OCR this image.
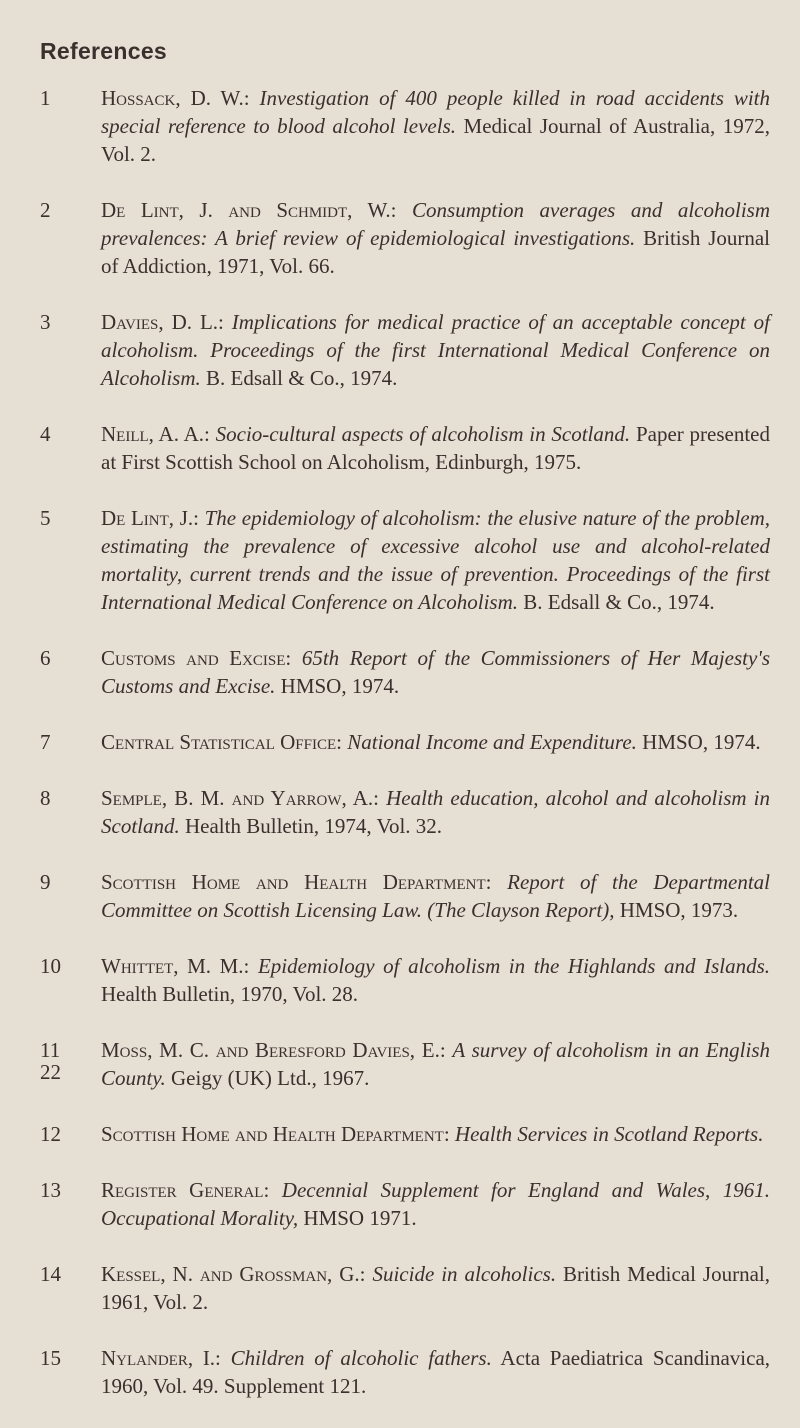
References
1	Hossack, D. W.: Investigation of 400 people killed in road accidents with special reference to blood alcohol levels. Medical Journal of Australia, 1972, Vol. 2.
2	De Lint, J. and Schmidt, W.: Consumption averages and alcoholism prevalences: A brief review of epidemiological investigations. British Journal of Addiction, 1971, Vol. 66.
3	Davies, D. L.: Implications for medical practice of an acceptable concept of alcoholism. Proceedings of the first International Medical Conference on Alcoholism. B. Edsall & Co., 1974.
4	Neill, A. A.: Socio-cultural aspects of alcoholism in Scotland. Paper presented at First Scottish School on Alcoholism, Edinburgh, 1975.
5	De Lint, J.: The epidemiology of alcoholism: the elusive nature of the problem, estimating the prevalence of excessive alcohol use and alcohol-related mortality, current trends and the issue of prevention. Proceedings of the first International Medical Conference on Alcoholism. B. Edsall & Co., 1974.
6	Customs and Excise: 65th Report of the Commissioners of Her Majesty's Customs and Excise. HMSO, 1974.
7	Central Statistical Office: National Income and Expenditure. HMSO, 1974.
8	Semple, B. M. and Yarrow, A.: Health education, alcohol and alcoholism in Scotland. Health Bulletin, 1974, Vol. 32.
9	Scottish Home and Health Department: Report of the Departmental Committee on Scottish Licensing Law. (The Clayson Report), HMSO, 1973.
10	Whittet, M. M.: Epidemiology of alcoholism in the Highlands and Islands. Health Bulletin, 1970, Vol. 28.
11	Moss, M. C. and Beresford Davies, E.: A survey of alcoholism in an English County. Geigy (UK) Ltd., 1967.
12	Scottish Home and Health Department: Health Services in Scotland Reports.
13	Register General: Decennial Supplement for England and Wales, 1961. Occupational Morality, HMSO 1971.
14	Kessel, N. and Grossman, G.: Suicide in alcoholics. British Medical Journal, 1961, Vol. 2.
15	Nylander, I.: Children of alcoholic fathers. Acta Paediatrica Scandinavica, 1960, Vol. 49. Supplement 121.
22
